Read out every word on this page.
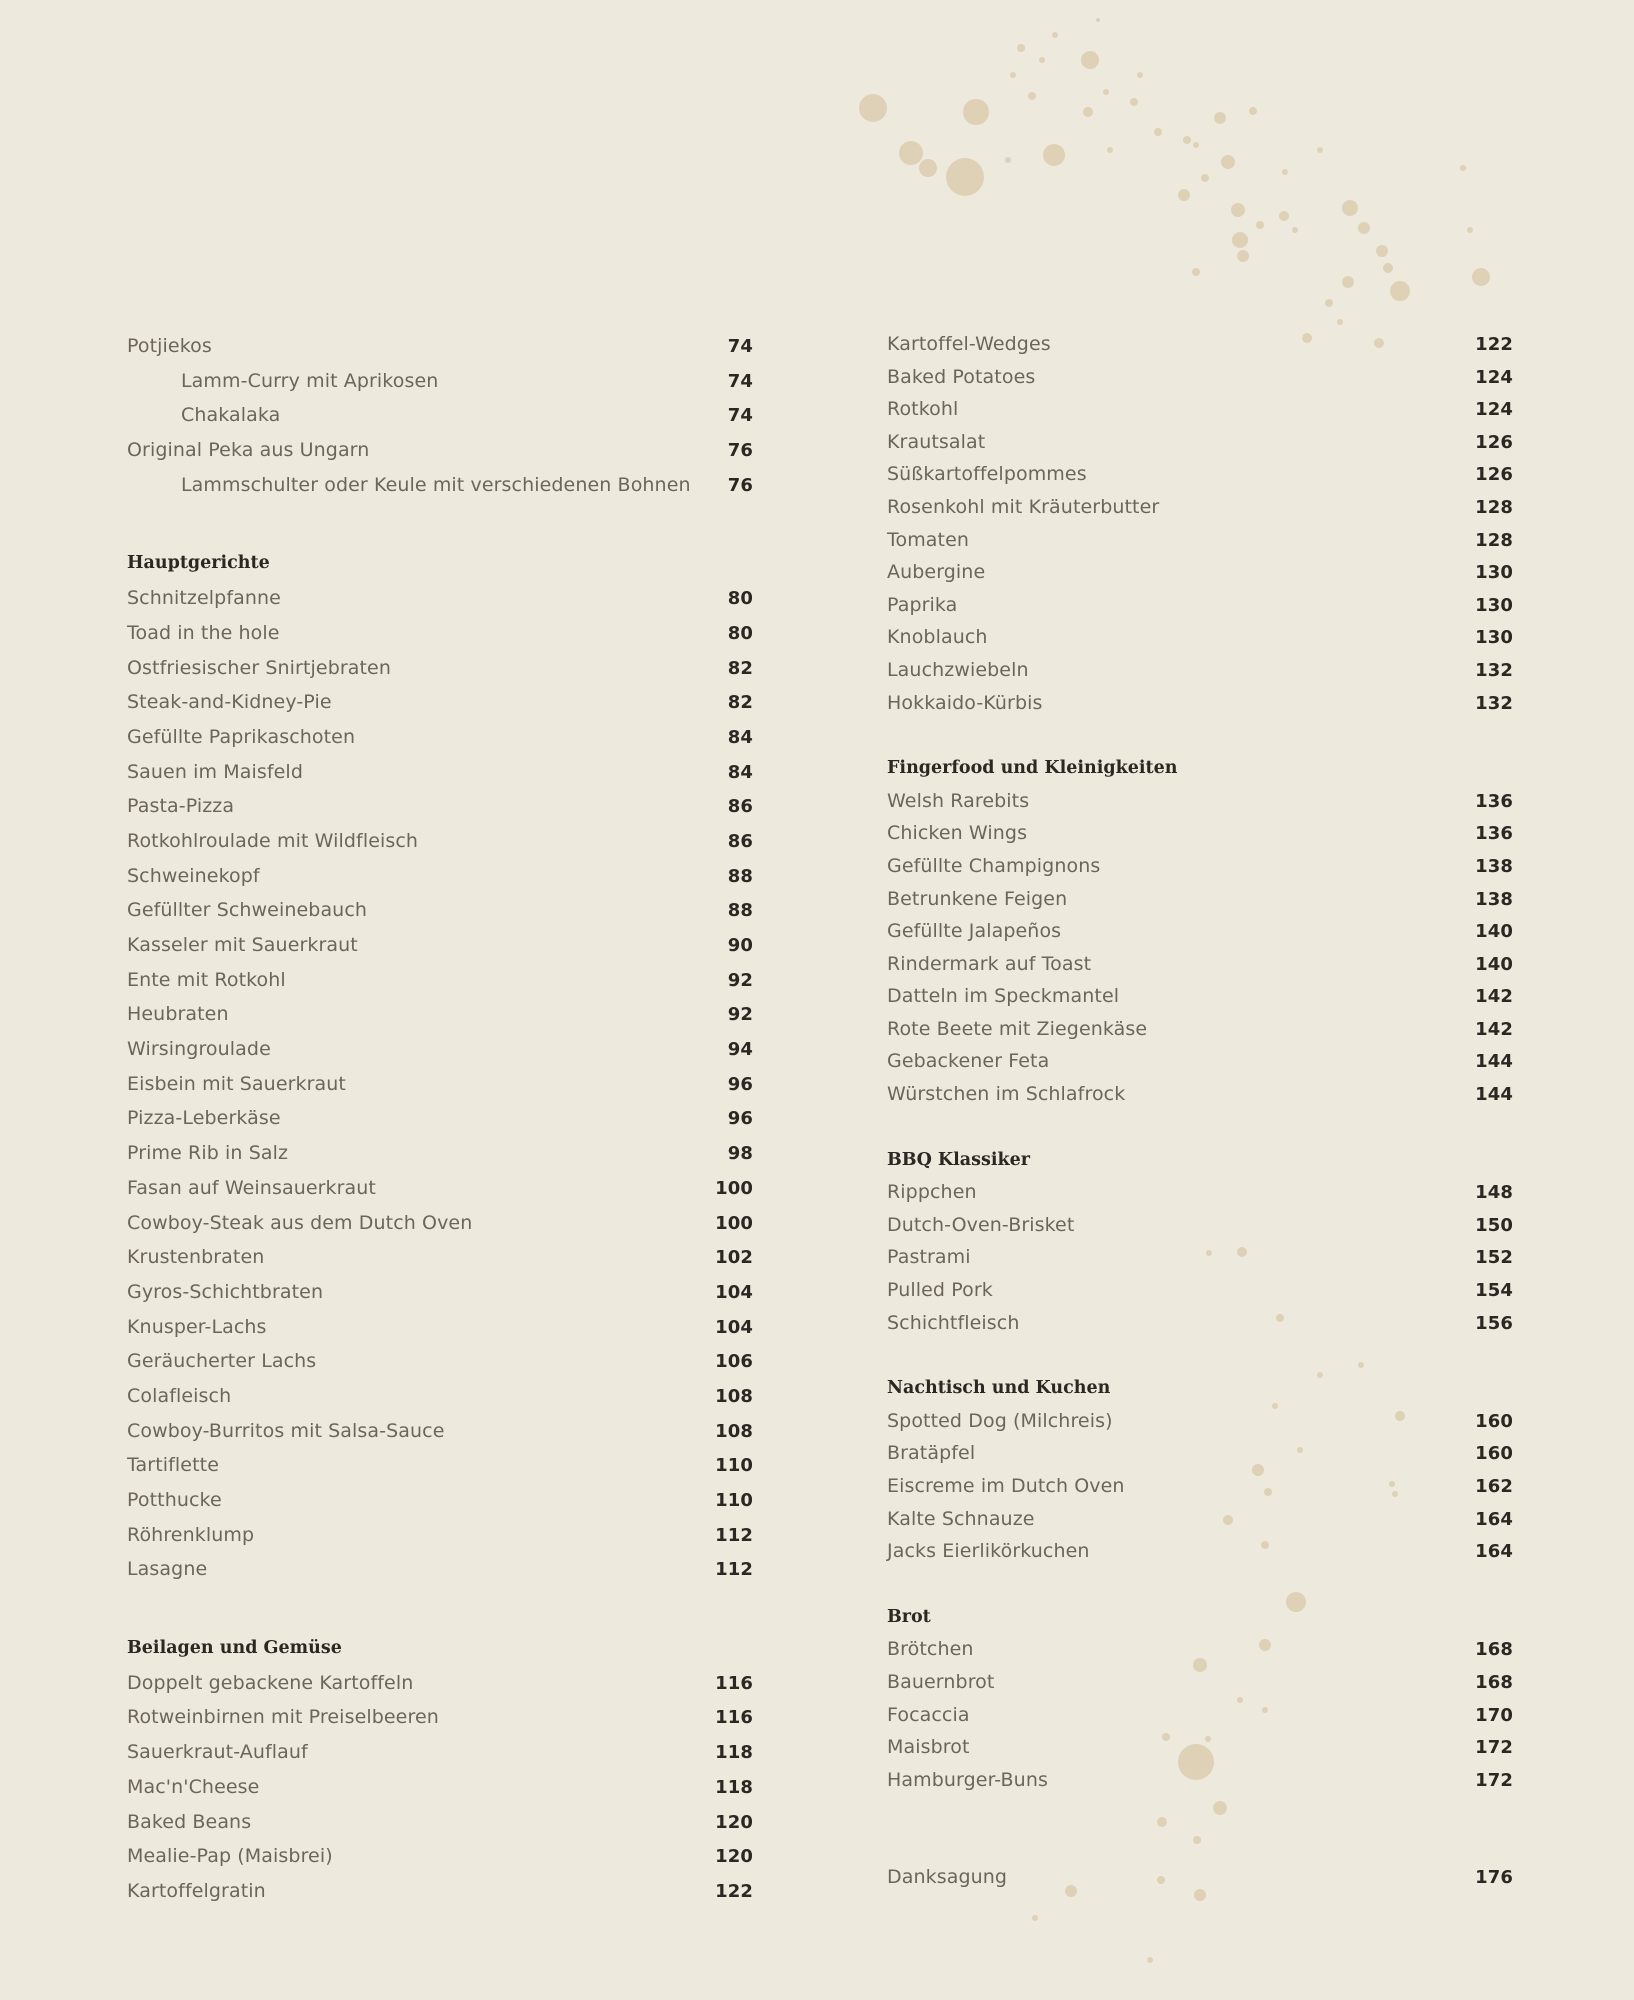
Potjiekos	74
Lamm-Curry mit Aprikosen	74
Chakalaka	74
Original Peka aus Ungarn	76
Lammschulter oder Keule mit verschiedenen Bohnen 76
Hauptgerichte
Schnitzelpfanne	80
Toad in the hole	80
Ostfriesischer Snirtjebraten	82
Steak-and-Kidney-Pie	82
Gefüllte Paprikaschoten	84
Sauen im Maisfeld	84
Pasta-Pizza	86
Rotkohlroulade mit Wildfleisch	86
Schweinekopf	88
Gefüllter Schweinebauch	88
Kasseler mit Sauerkraut	90
Ente mit Rotkohl	92
Heubraten	92
Wirsingroulade	94
Eisbein mit Sauerkraut	96
Pizza-Leberkäse	96
Prime Rib in Salz	98
Fasan auf Weinsauerkraut	100
Cowboy-Steak aus dem Dutch Oven	100
Krustenbraten	102
Gyros-Schichtbraten	104
Knusper-Lachs	104
Geräucherter Lachs	106
Colafleisch	108
Cowboy-Burritos mit Salsa-Sauce	108
Tartiflette	110
Potthucke	110
Röhrenklump	112
Lasagne	112
Beilagen und Gemüse
Doppelt gebackene Kartoffeln	116
Rotweinbirnen mit Preiselbeeren	116
Sauerkraut-Auflauf	118
Mac'n'Cheese	118
Baked Beans	120
Mealie-Pap (Maisbrei)	120
Kartoffelgratin	122
Kartoffel-Wedges	122
Baked Potatoes	124
Rotkohl	124
Krautsalat	126
Süßkartoffelpommes	126
Rosenkohl mit Kräuterbutter	128
Tomaten	128
Aubergine	130
Paprika	130
Knoblauch	130
Lauchzwiebeln	132
Hokkaido-Kürbis	132
Fingerfood und Kleinigkeiten
Welsh Rarebits	136
Chicken Wings	136
Gefüllte Champignons	138
Betrunkene Feigen	138
Gefüllte Jalapeños	140
Rindermark auf Toast	140
Datteln im Speckmantel	142
Rote Beete mit Ziegenkäse	142
Gebackener Feta	144
Würstchen im Schlafrock	144
BBQ Klassiker
Rippchen	148
Dutch-Oven-Brisket	150
Pastrami	152
Pulled Pork	154
Schichtfleisch	156
Nachtisch und Kuchen
Spotted Dog (Milchreis)	160
Bratäpfel	160
Eiscreme im Dutch Oven	162
Kalte Schnauze	164
Jacks Eierlikörkuchen	164
Brot
Brötchen	168
Bauernbrot	168
Focaccia	170
Maisbrot	172
Hamburger-Buns	172
Danksagung	176
